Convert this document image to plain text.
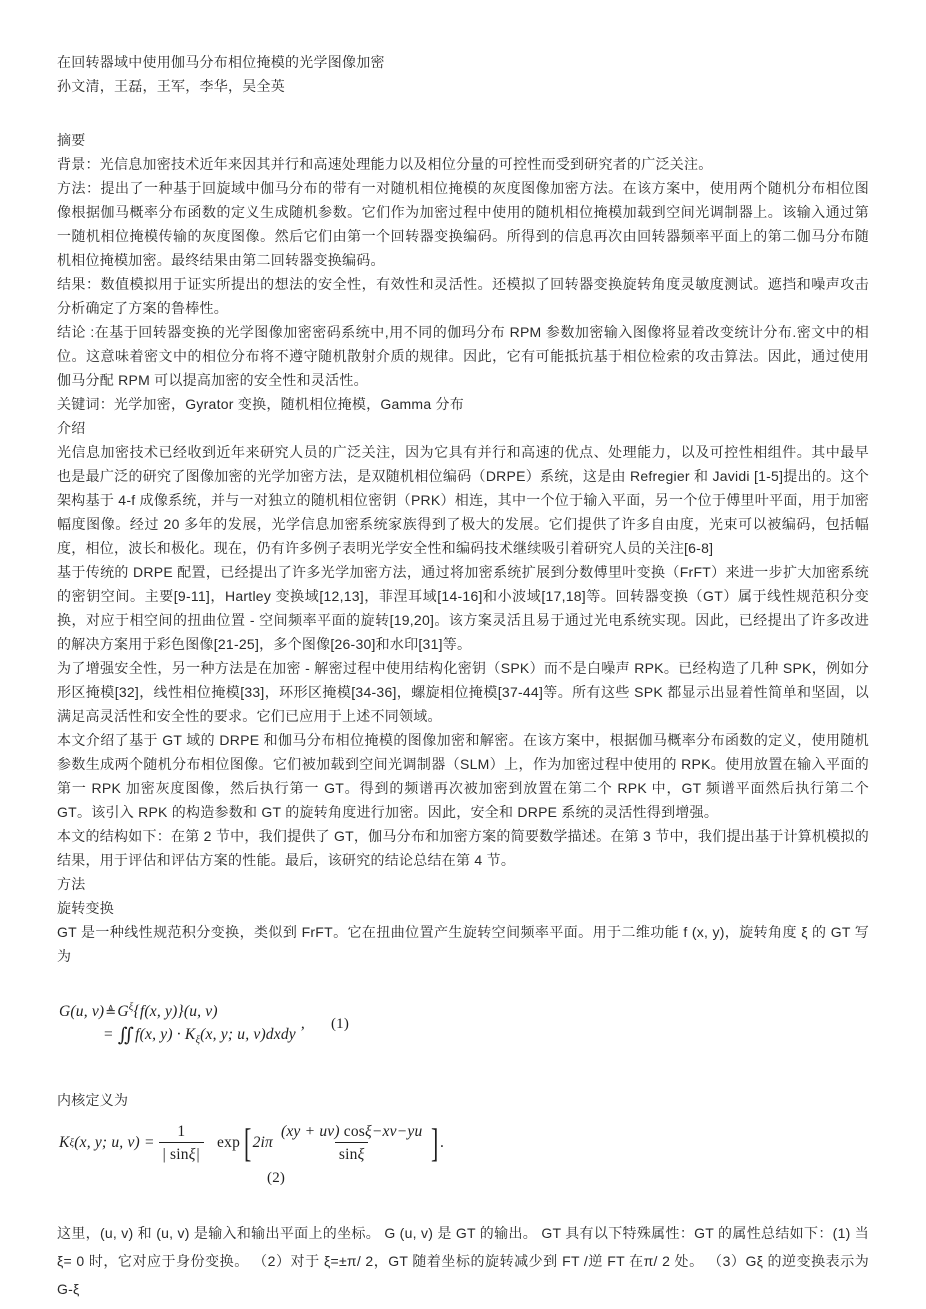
在回转器域中使用伽马分布相位掩模的光学图像加密
孙文清，王磊，王军，李华，吴全英
摘要

背景：光信息加密技术近年来因其并行和高速处理能力以及相位分量的可控性而受到研究者的广泛关注。

方法：提出了一种基于回旋域中伽马分布的带有一对随机相位掩模的灰度图像加密方法。在该方案中，使用两个随机分布相位图像根据伽马概率分布函数的定义生成随机参数。它们作为加密过程中使用的随机相位掩模加载到空间光调制器上。该输入通过第一随机相位掩模传输的灰度图像。然后它们由第一个回转器变换编码。所得到的信息再次由回转器频率平面上的第二伽马分布随机相位掩模加密。最终结果由第二回转器变换编码。

结果：数值模拟用于证实所提出的想法的安全性，有效性和灵活性。还模拟了回转器变换旋转角度灵敏度测试。遮挡和噪声攻击分析确定了方案的鲁棒性。

结论 :在基于回转器变换的光学图像加密密码系统中,用不同的伽玛分布 RPM 参数加密输入图像将显着改变统计分布.密文中的相位。这意味着密文中的相位分布将不遵守随机散射介质的规律。因此，它有可能抵抗基于相位检索的攻击算法。因此，通过使用伽马分配 RPM 可以提高加密的安全性和灵活性。

关键词：光学加密，Gyrator 变换，随机相位掩模，Gamma 分布

介绍

光信息加密技术已经收到近年来研究人员的广泛关注，因为它具有并行和高速的优点、处理能力，以及可控性相组件。其中最早也是最广泛的研究了图像加密的光学加密方法，是双随机相位编码（DRPE）系统，这是由 Refregier 和 Javidi [1-5]提出的。这个架构基于 4-f 成像系统，并与一对独立的随机相位密钥（PRK）相连，其中一个位于输入平面，另一个位于傅里叶平面，用于加密幅度图像。经过 20 多年的发展，光学信息加密系统家族得到了极大的发展。它们提供了许多自由度，光束可以被编码，包括幅度，相位，波长和极化。现在，仍有许多例子表明光学安全性和编码技术继续吸引着研究人员的关注[6-8]

基于传统的 DRPE 配置，已经提出了许多光学加密方法，通过将加密系统扩展到分数傅里叶变换（FrFT）来进一步扩大加密系统的密钥空间。主要[9-11]，Hartley 变换域[12,13]，菲涅耳域[14-16]和小波域[17,18]等。回转器变换（GT）属于线性规范积分变换，对应于相空间的扭曲位置 - 空间频率平面的旋转[19,20]。该方案灵活且易于通过光电系统实现。因此，已经提出了许多改进的解决方案用于彩色图像[21-25]，多个图像[26-30]和水印[31]等。

为了增强安全性，另一种方法是在加密 - 解密过程中使用结构化密钥（SPK）而不是白噪声 RPK。已经构造了几种 SPK，例如分形区掩模[32]，线性相位掩模[33]，环形区掩模[34-36]，螺旋相位掩模[37-44]等。所有这些 SPK 都显示出显着性简单和坚固，以满足高灵活性和安全性的要求。它们已应用于上述不同领域。

本文介绍了基于 GT 域的 DRPE 和伽马分布相位掩模的图像加密和解密。在该方案中，根据伽马概率分布函数的定义，使用随机参数生成两个随机分布相位图像。它们被加载到空间光调制器（SLM）上，作为加密过程中使用的 RPK。使用放置在输入平面的第一 RPK 加密灰度图像，然后执行第一 GT。得到的频谱再次被加密到放置在第二个 RPK 中，GT 频谱平面然后执行第二个 GT。该引入 RPK 的构造参数和 GT 的旋转角度进行加密。因此，安全和 DRPE 系统的灵活性得到增强。

本文的结构如下：在第 2 节中，我们提供了 GT，伽马分布和加密方案的简要数学描述。在第 3 节中，我们提出基于计算机模拟的结果，用于评估和评估方案的性能。最后，该研究的结论总结在第 4 节。

方法
旋转变换

GT 是一种线性规范积分变换，类似到 FrFT。它在扭曲位置产生旋转空间频率平面。用于二维功能 f (x, y)，旋转角度 ξ 的 GT 写为

G(u, $v)≜G^\xi\{f(x$, y)}(u, v)
= ∬f(x, $y) \cdot K_\xi(x$, y; u, v)dxdy
, (1)

内核定义为

K ξ (x, y; u, $v) = \frac{1}{| \sin\xi|}$ exp [ $2i\pi \frac{(xy + uv) \cos\xi-xv-yu}{\sin\xi}$ ] .
(2)

这里，(u, v) 和 (u, v) 是输入和输出平面上的坐标。 G (u, v) 是 GT 的输出。 GT 具有以下特殊属性：GT 的属性总结如下：(1) 当 ξ= 0 时，它对应于身份变换。 （2）对于 ξ=±π/ 2，GT 随着坐标的旋转减少到 FT /逆 FT 在π/ 2 处。 （3）Gξ 的逆变换表示为 G-ξ
